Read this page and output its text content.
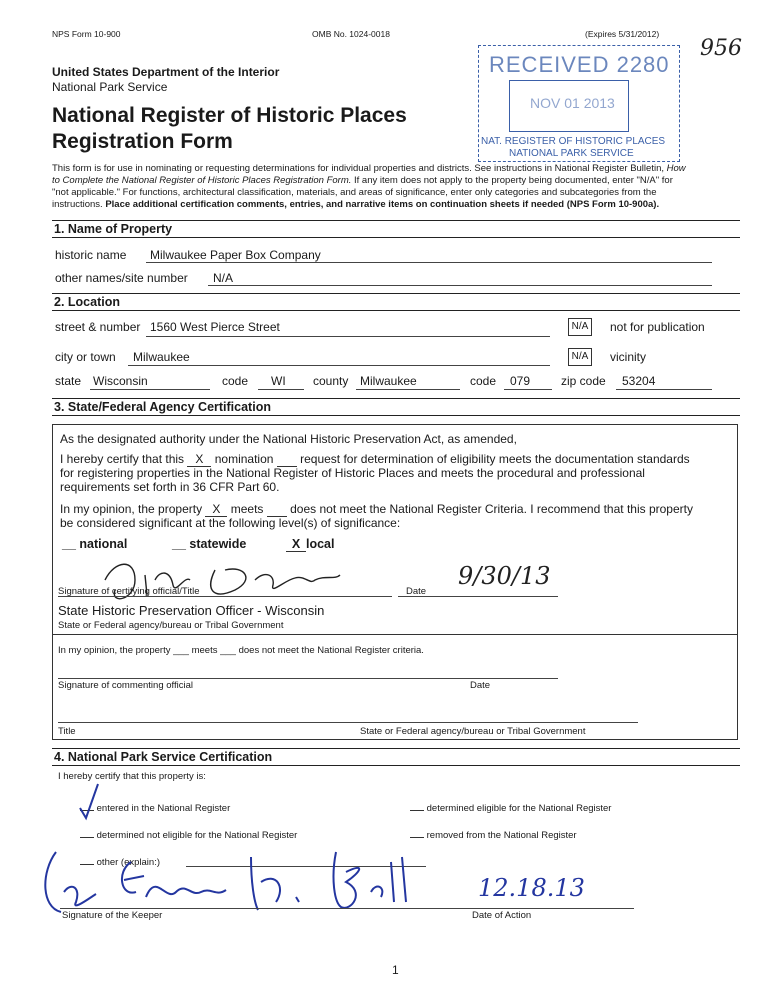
NPS Form 10-900	OMB No. 1024-0018	(Expires 5/31/2012)
956
United States Department of the Interior
National Park Service
National Register of Historic Places
Registration Form
RECEIVED 2280
NOV 01 2013
NAT. REGISTER OF HISTORIC PLACES
NATIONAL PARK SERVICE
This form is for use in nominating or requesting determinations for individual properties and districts. See instructions in National Register Bulletin, How
to Complete the National Register of Historic Places Registration Form. If any item does not apply to the property being documented, enter "N/A" for
"not applicable." For functions, architectural classification, materials, and areas of significance, enter only categories and subcategories from the
instructions. Place additional certification comments, entries, and narrative items on continuation sheets if needed (NPS Form 10-900a).
1. Name of Property
historic name Milwaukee Paper Box Company
other names/site number N/A
2. Location
street & number 1560 West Pierce Street	N/A	not for publication
city or town Milwaukee	N/A	vicinity
state Wisconsin	code WI county Milwaukee	code 079	zip code 53204
3. State/Federal Agency Certification
As the designated authority under the National Historic Preservation Act, as amended,
I hereby certify that this X nomination     request for determination of eligibility meets the documentation standards
for registering properties in the National Register of Historic Places and meets the procedural and professional
requirements set forth in 36 CFR Part 60.
In my opinion, the property X meets     does not meet the National Register Criteria. I recommend that this property
be considered significant at the following level(s) of significance:
__ national	__ statewide	X local
Signature of certifying official/Title	Date
9/30/13
State Historic Preservation Officer - Wisconsin
State or Federal agency/bureau or Tribal Government
In my opinion, the property ___ meets ___ does not meet the National Register criteria.
Signature of commenting official	Date
Title	State or Federal agency/bureau or Tribal Government
4. National Park Service Certification
I hereby certify that this property is:
entered in the National Register	determined eligible for the National Register
determined not eligible for the National Register	removed from the National Register
other (explain:)
12.18.13
Signature of the Keeper	Date of Action
1
